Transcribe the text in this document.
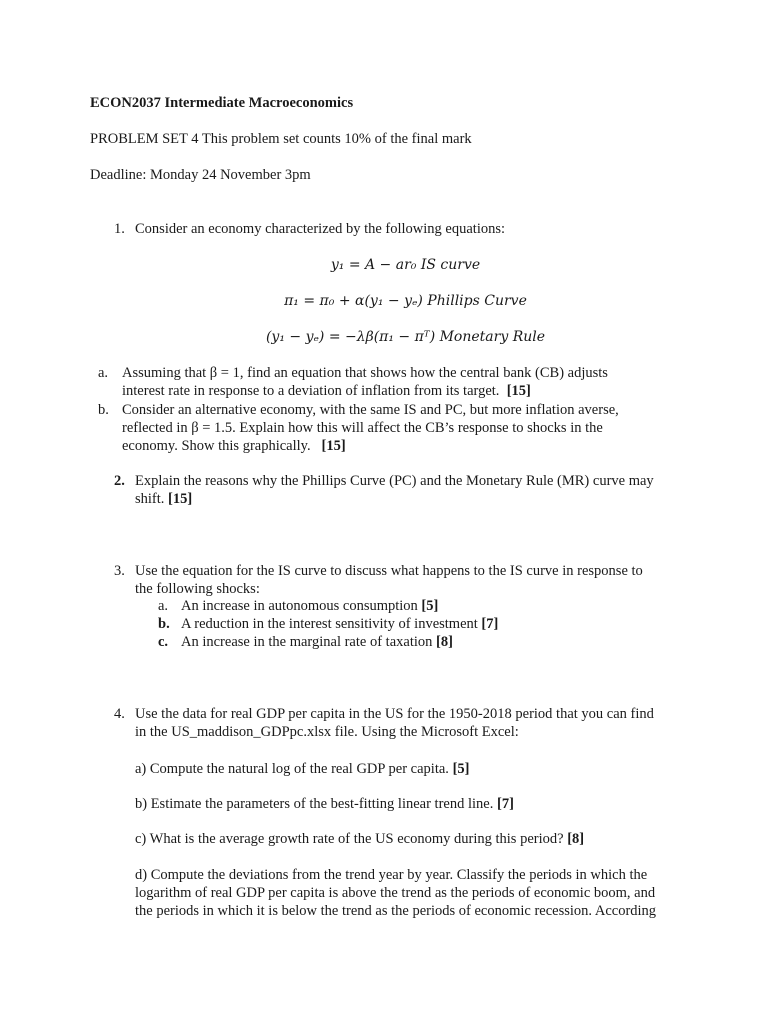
ECON2037 Intermediate Macroeconomics
PROBLEM SET 4 This problem set counts 10% of the final mark
Deadline: Monday 24 November 3pm
1. Consider an economy characterized by the following equations:
y₁ = A − ar₀ IS curve
π₁ = π₀ + α(y₁ − yₑ) Phillips Curve
(y₁ − yₑ) = −λβ(π₁ − πᵀ) Monetary Rule
a. Assuming that β = 1, find an equation that shows how the central bank (CB) adjusts
interest rate in response to a deviation of inflation from its target. [15]
b. Consider an alternative economy, with the same IS and PC, but more inflation averse,
reflected in β = 1.5. Explain how this will affect the CB’s response to shocks in the
economy. Show this graphically. [15]
2. Explain the reasons why the Phillips Curve (PC) and the Monetary Rule (MR) curve may
shift. [15]
3. Use the equation for the IS curve to discuss what happens to the IS curve in response to
the following shocks:
a. An increase in autonomous consumption [5]
b. A reduction in the interest sensitivity of investment [7]
c. An increase in the marginal rate of taxation [8]
4. Use the data for real GDP per capita in the US for the 1950-2018 period that you can find
in the US_maddison_GDPpc.xlsx file. Using the Microsoft Excel:
a) Compute the natural log of the real GDP per capita. [5]
b) Estimate the parameters of the best-fitting linear trend line. [7]
c) What is the average growth rate of the US economy during this period? [8]
d) Compute the deviations from the trend year by year. Classify the periods in which the
logarithm of real GDP per capita is above the trend as the periods of economic boom, and
the periods in which it is below the trend as the periods of economic recession. According
